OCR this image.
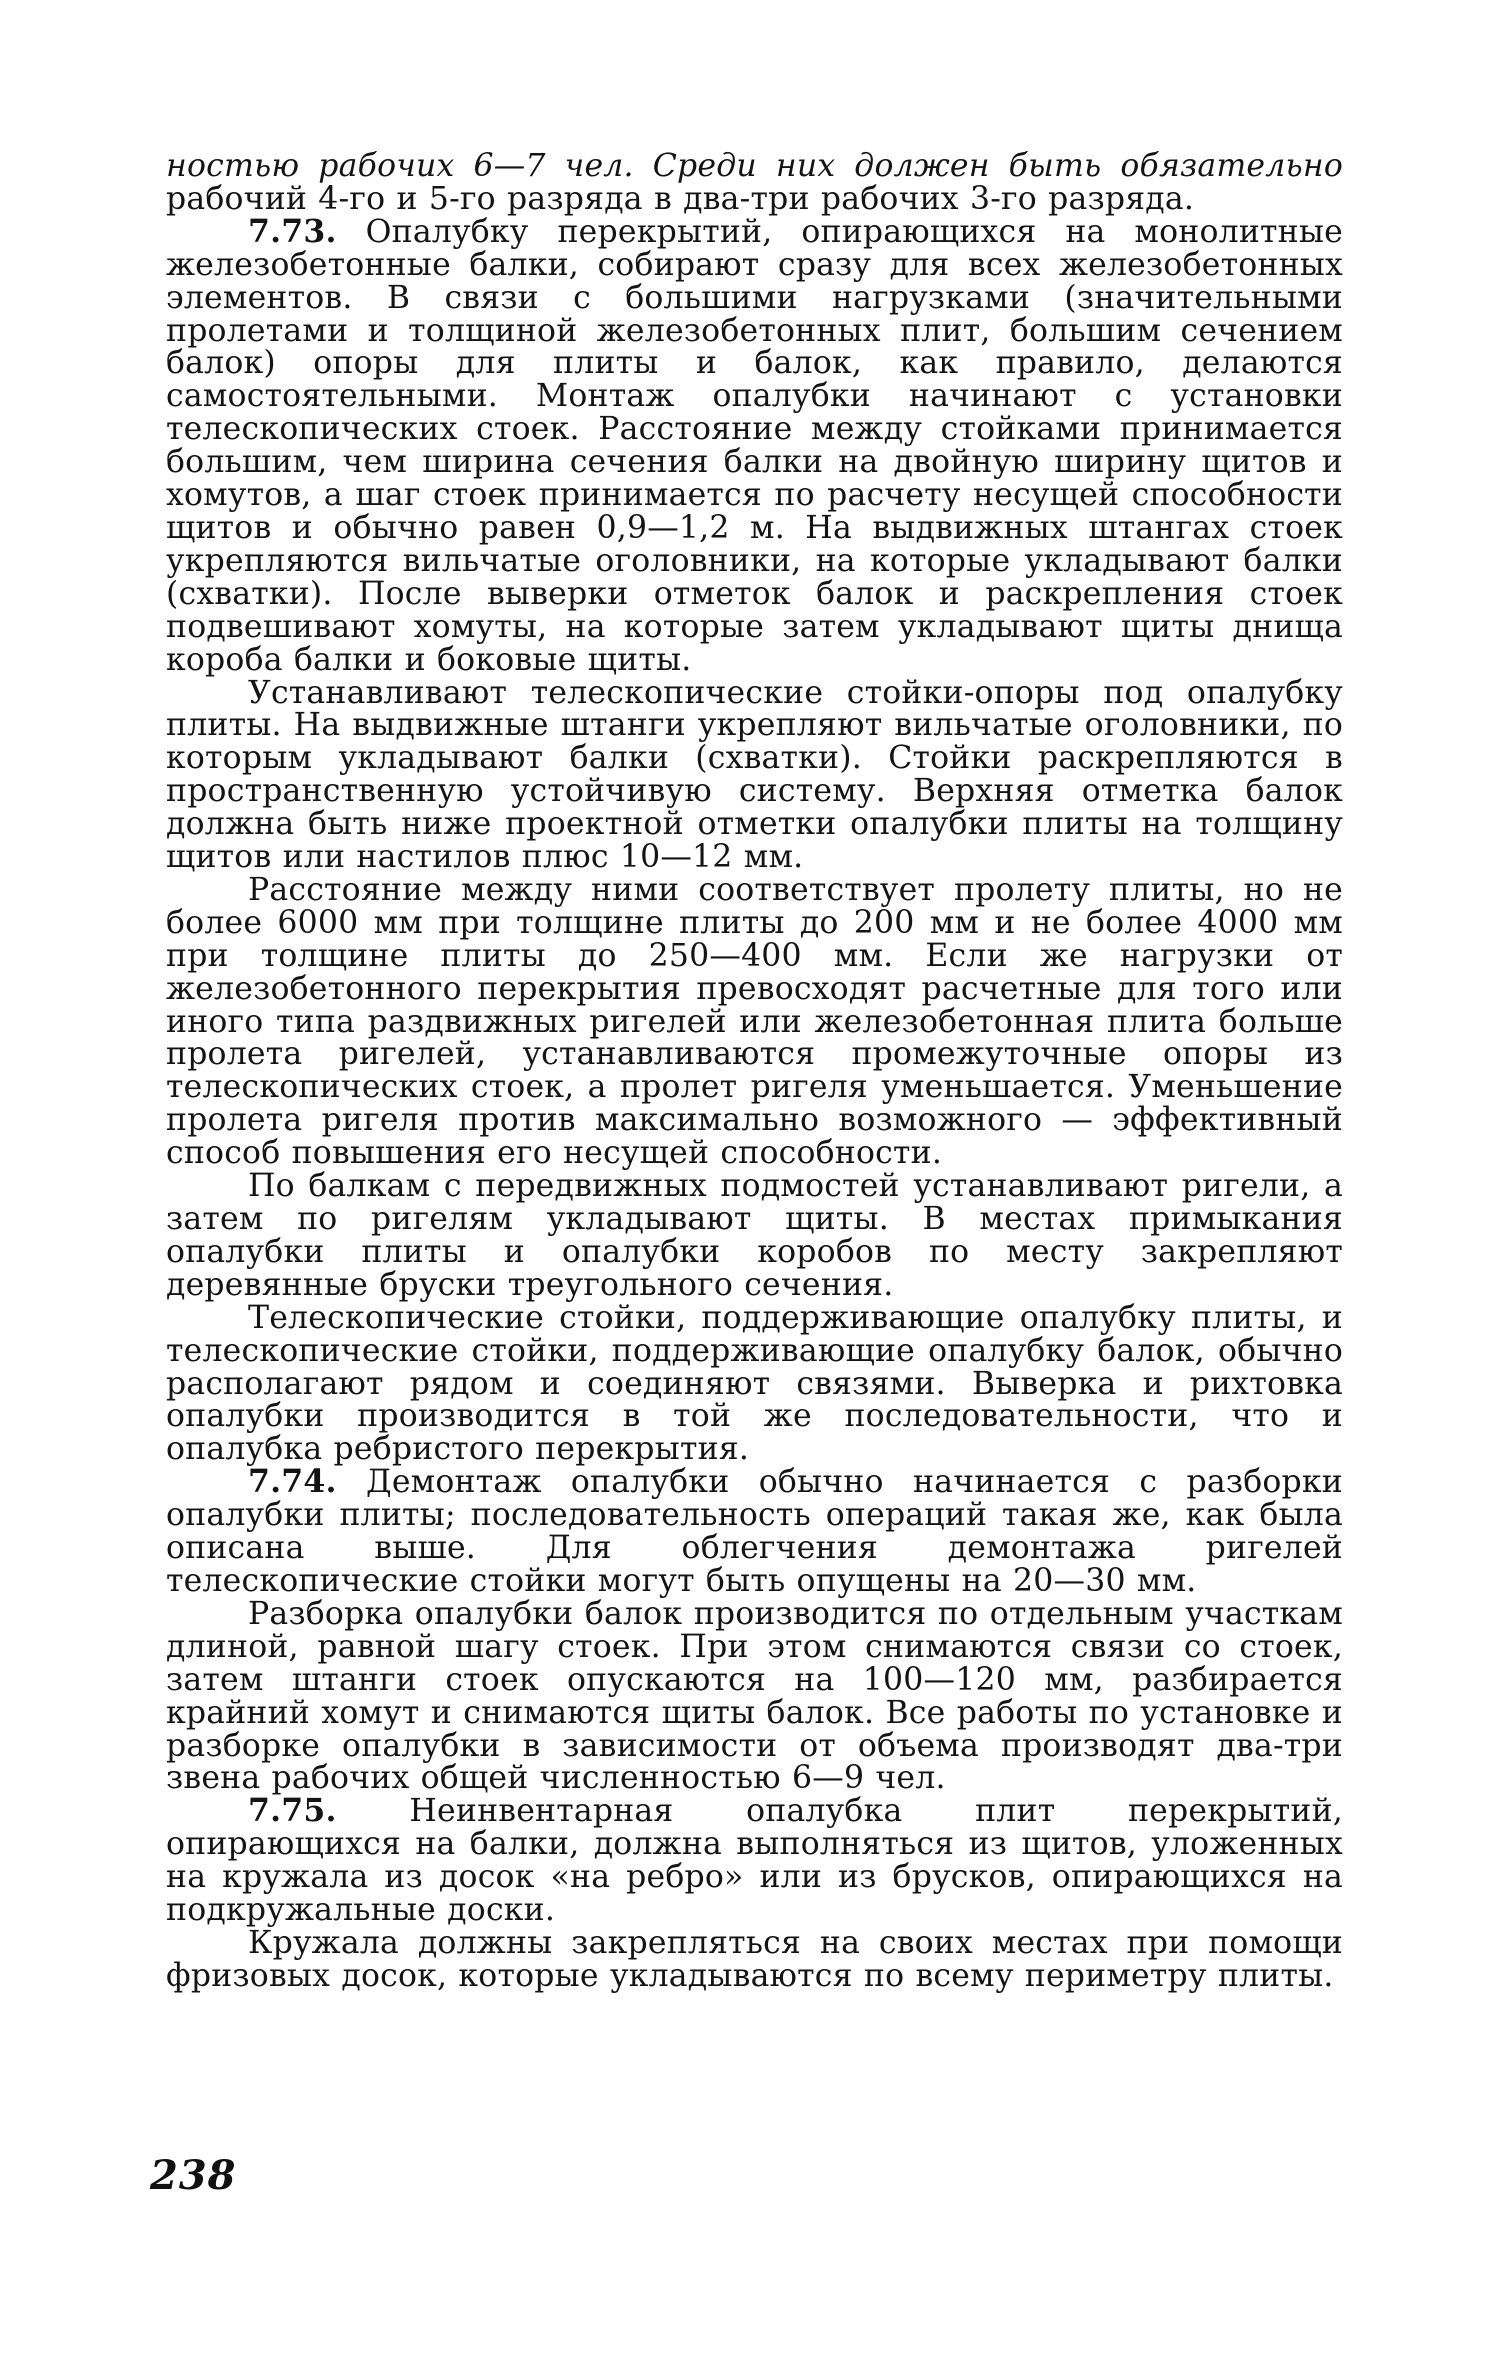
ностью рабочих 6—7 чел. Среди них должен быть обязательно рабочий 4-го и 5-го разряда в два-три рабочих 3-го разряда.

7.73. Опалубку перекрытий, опирающихся на монолитные железобетонные балки, собирают сразу для всех железобетонных элементов. В связи с большими нагрузками (значительными пролетами и толщиной железобетонных плит, большим сечением балок) опоры для плиты и балок, как правило, делаются самостоятельными. Монтаж опалубки начинают с установки телескопических стоек. Расстояние между стойками принимается большим, чем ширина сечения балки на двойную ширину щитов и хомутов, а шаг стоек принимается по расчету несущей способности щитов и обычно равен 0,9—1,2 м. На выдвижных штангах стоек укрепляются вильчатые оголовники, на которые укладывают балки (схватки). После выверки отметок балок и раскрепления стоек подвешивают хомуты, на которые затем укладывают щиты днища короба балки и боковые щиты.

Устанавливают телескопические стойки-опоры под опалубку плиты. На выдвижные штанги укрепляют вильчатые оголовники, по которым укладывают балки (схватки). Стойки раскрепляются в пространственную устойчивую систему. Верхняя отметка балок должна быть ниже проектной отметки опалубки плиты на толщину щитов или настилов плюс 10—12 мм.

Расстояние между ними соответствует пролету плиты, но не более 6000 мм при толщине плиты до 200 мм и не более 4000 мм при толщине плиты до 250—400 мм. Если же нагрузки от железобетонного перекрытия превосходят расчетные для того или иного типа раздвижных ригелей или железобетонная плита больше пролета ригелей, устанавливаются промежуточные опоры из телескопических стоек, а пролет ригеля уменьшается. Уменьшение пролета ригеля против максимально возможного — эффективный способ повышения его несущей способности.

По балкам с передвижных подмостей устанавливают ригели, а затем по ригелям укладывают щиты. В местах примыкания опалубки плиты и опалубки коробов по месту закрепляют деревянные бруски треугольного сечения.

Телескопические стойки, поддерживающие опалубку плиты, и телескопические стойки, поддерживающие опалубку балок, обычно располагают рядом и соединяют связями. Выверка и рихтовка опалубки производится в той же последовательности, что и опалубка ребристого перекрытия.

7.74. Демонтаж опалубки обычно начинается с разборки опалубки плиты; последовательность операций такая же, как была описана выше. Для облегчения демонтажа ригелей телескопические стойки могут быть опущены на 20—30 мм.

Разборка опалубки балок производится по отдельным участкам длиной, равной шагу стоек. При этом снимаются связи со стоек, затем штанги стоек опускаются на 100—120 мм, разбирается крайний хомут и снимаются щиты балок. Все работы по установке и разборке опалубки в зависимости от объема производят два-три звена рабочих общей численностью 6—9 чел.

7.75. Неинвентарная опалубка плит перекрытий, опирающихся на балки, должна выполняться из щитов, уложенных на кружала из досок «на ребро» или из брусков, опирающихся на подкружальные доски.

Кружала должны закрепляться на своих местах при помощи фризовых досок, которые укладываются по всему периметру плиты.

238
